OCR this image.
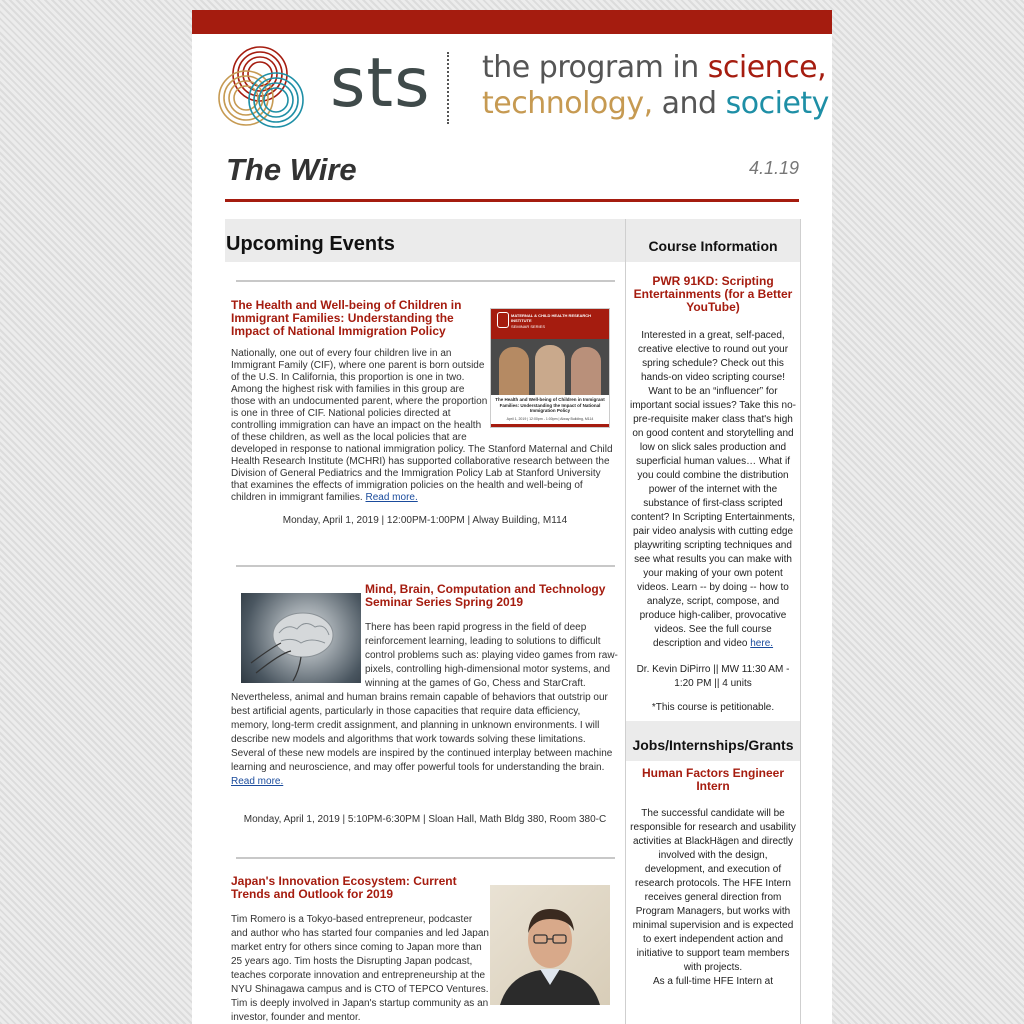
sts the program in science,
technology, and society
The Wire	4.1.19
Upcoming Events
MATERNAL & CHILD HEALTH RESEARCH INSTITUTE
SEMINAR SERIES
The Health and Well-being of Children in Immigrant Families: Understanding the Impact of National Immigration Policy
April 1, 2019 | 12:00pm - 1:00pm | Alway Building, M114
The Health and Well-being of Children in Immigrant Families: Understanding the Impact of National Immigration Policy
Nationally, one out of every four children live in an Immigrant Family (CIF), where one parent is born outside of the U.S. In California, this proportion is one in two. Among the highest risk with families in this group are those with an undocumented parent, where the proportion is one in three of CIF. National policies directed at controlling immigration can have an impact on the health of these children, as well as the local policies that are developed in response to national immigration policy. The Stanford Maternal and Child Health Research Institute (MCHRI) has supported collaborative research between the Division of General Pediatrics and the Immigration Policy Lab at Stanford University that examines the effects of immigration policies on the health and well-being of children in immigrant families. Read more.
Monday, April 1, 2019 | 12:00PM-1:00PM | Alway Building, M114
Mind, Brain, Computation and Technology Seminar Series Spring 2019
There has been rapid progress in the field of deep reinforcement learning, leading to solutions to difficult control problems such as: playing video games from raw-pixels, controlling high-dimensional motor systems, and winning at the games of Go, Chess and StarCraft. Nevertheless, animal and human brains remain capable of behaviors that outstrip our best artificial agents, particularly in those capacities that require data efficiency, memory, long-term credit assignment, and planning in unknown environments. I will describe new models and algorithms that work towards solving these limitations. Several of these new models are inspired by the continued interplay between machine learning and neuroscience, and may offer powerful tools for understanding the brain. Read more.
Monday, April 1, 2019 | 5:10PM-6:30PM | Sloan Hall, Math Bldg 380, Room 380-C
Japan's Innovation Ecosystem: Current Trends and Outlook for 2019
Tim Romero is a Tokyo-based entrepreneur, podcaster and author who has started four companies and led Japan market entry for others since coming to Japan more than 25 years ago. Tim hosts the Disrupting Japan podcast, teaches corporate innovation and entrepreneurship at the NYU Shinagawa campus and is CTO of TEPCO Ventures. Tim is deeply involved in Japan's startup community as an investor, founder and mentor.
Course Information
PWR 91KD: Scripting Entertainments (for a Better YouTube)
Interested in a great, self-paced, creative elective to round out your spring schedule? Check out this hands-on video scripting course! Want to be an “influencer” for important social issues? Take this no-pre-requisite maker class that's high on good content and storytelling and low on slick sales production and superficial human values… What if you could combine the distribution power of the internet with the substance of first-class scripted content? In Scripting Entertainments, pair video analysis with cutting edge playwriting scripting techniques and see what results you can make with your making of your own potent videos. Learn -- by doing -- how to analyze, script, compose, and produce high-caliber, provocative videos. See the full course description and video here.
Dr. Kevin DiPirro || MW 11:30 AM - 1:20 PM || 4 units
*This course is petitionable.
Jobs/Internships/Grants
Human Factors Engineer Intern
The successful candidate will be responsible for research and usability activities at BlackHägen and directly involved with the design, development, and execution of research protocols. The HFE Intern receives general direction from Program Managers, but works with minimal supervision and is expected to exert independent action and initiative to support team members with projects.
As a full-time HFE Intern at
